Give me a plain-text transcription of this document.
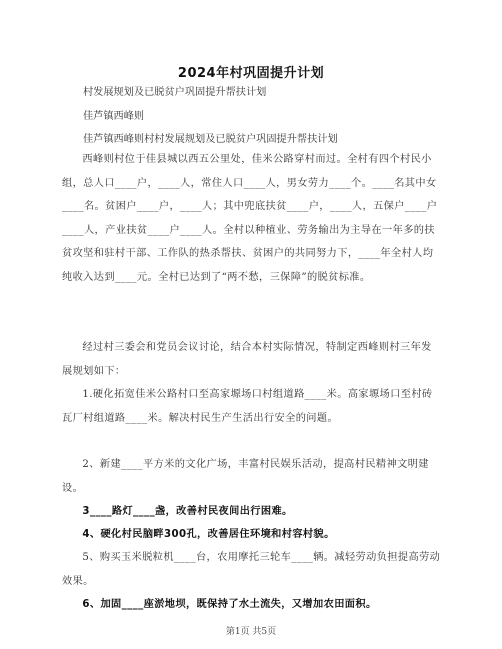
2024年村巩固提升计划
村发展规划及已脱贫户巩固提升帮扶计划
佳芦镇西峰则
佳芦镇西峰则村村发展规划及已脱贫户巩固提升帮扶计划
西峰则村位于佳县城以西五公里处，佳米公路穿村而过。全村有四个村民小组，总人口____户，____人，常住人口____人，男女劳力____个。____名其中女____名。贫困户____户，____人；其中兜底扶贫____户，____人，五保户____户____人，产业扶贫____户____人。全村以种植业、劳务输出为主导在一年多的扶贫攻坚和驻村干部、工作队的热杀帮扶、贫困户的共同努力下，____年全村人均纯收入达到____元。全村已达到了“两不愁，三保障”的脱贫标准。
经过村三委会和党员会议讨论，结合本村实际情况，特制定西峰则村三年发展规划如下：
1.硬化拓宽佳米公路村口至高家塬场口村组道路____米。高家塬场口至村砖瓦厂村组道路____米。解决村民生产生活出行安全的问题。
2、新建____平方米的文化广场，丰富村民娱乐活动，提高村民精神文明建设。
3____路灯____盏，改善村民夜间出行困难。
4、硬化村民脑畔300孔，改善居住环境和村容村貌。
5、购买玉米脱粒机____台，农用摩托三轮车____辆。减轻劳动负担提高劳动效果。
6、加固____座淤地坝，既保持了水土流失，又增加农田面积。
第1页 共5页
